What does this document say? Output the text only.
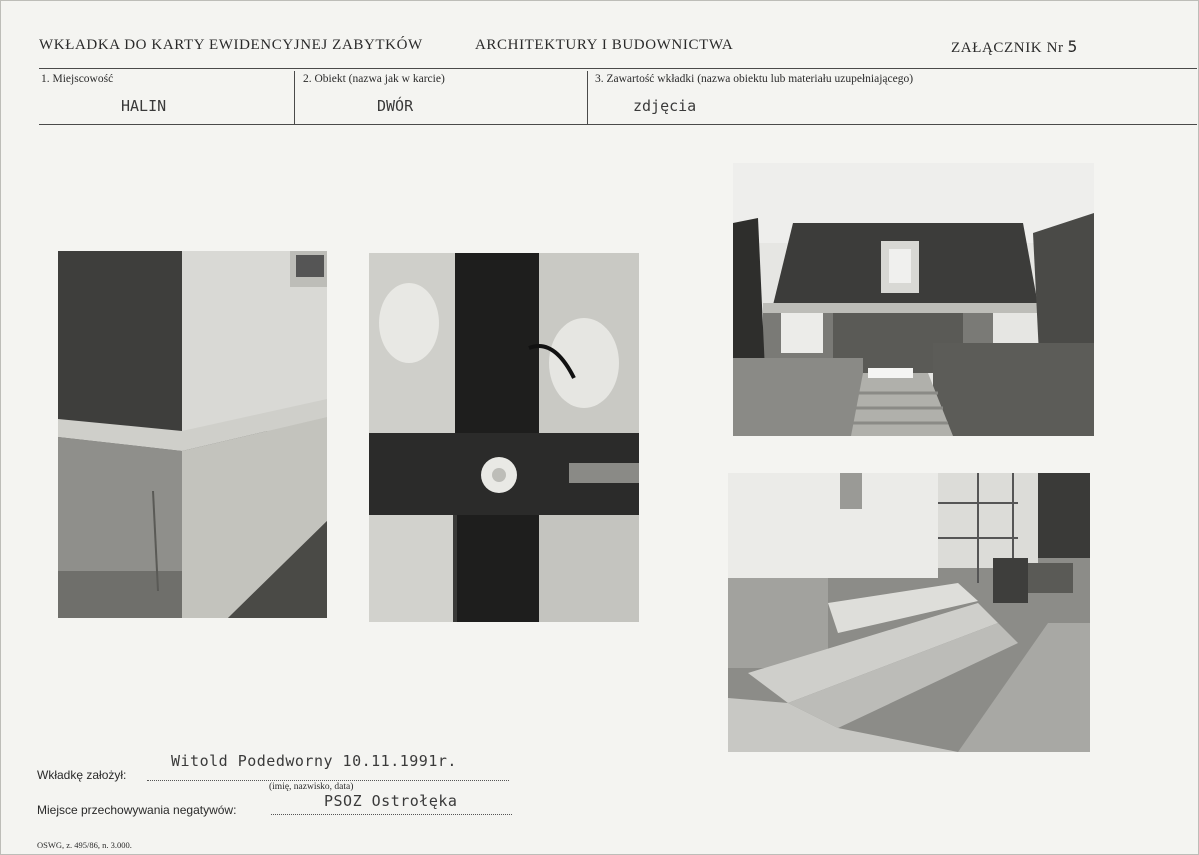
WKŁADKA DO KARTY EWIDENCYJNEJ ZABYTKÓW	ARCHITEKTURY I BUDOWNICTWA	ZAŁĄCZNIK Nr 5
1. Miejscowość
HALIN
2. Obiekt (nazwa jak w karcie)
DWÓR
3. Zawartość wkładki (nazwa obiektu lub materiału uzupełniającego)
zdjęcia
Witold Podedworny 10.11.1991r.
Wkładkę założył:
(imię, nazwisko, data)
PSOZ Ostrołęka
Miejsce przechowywania negatywów:
OSWG, z. 495/86, n. 3.000.
